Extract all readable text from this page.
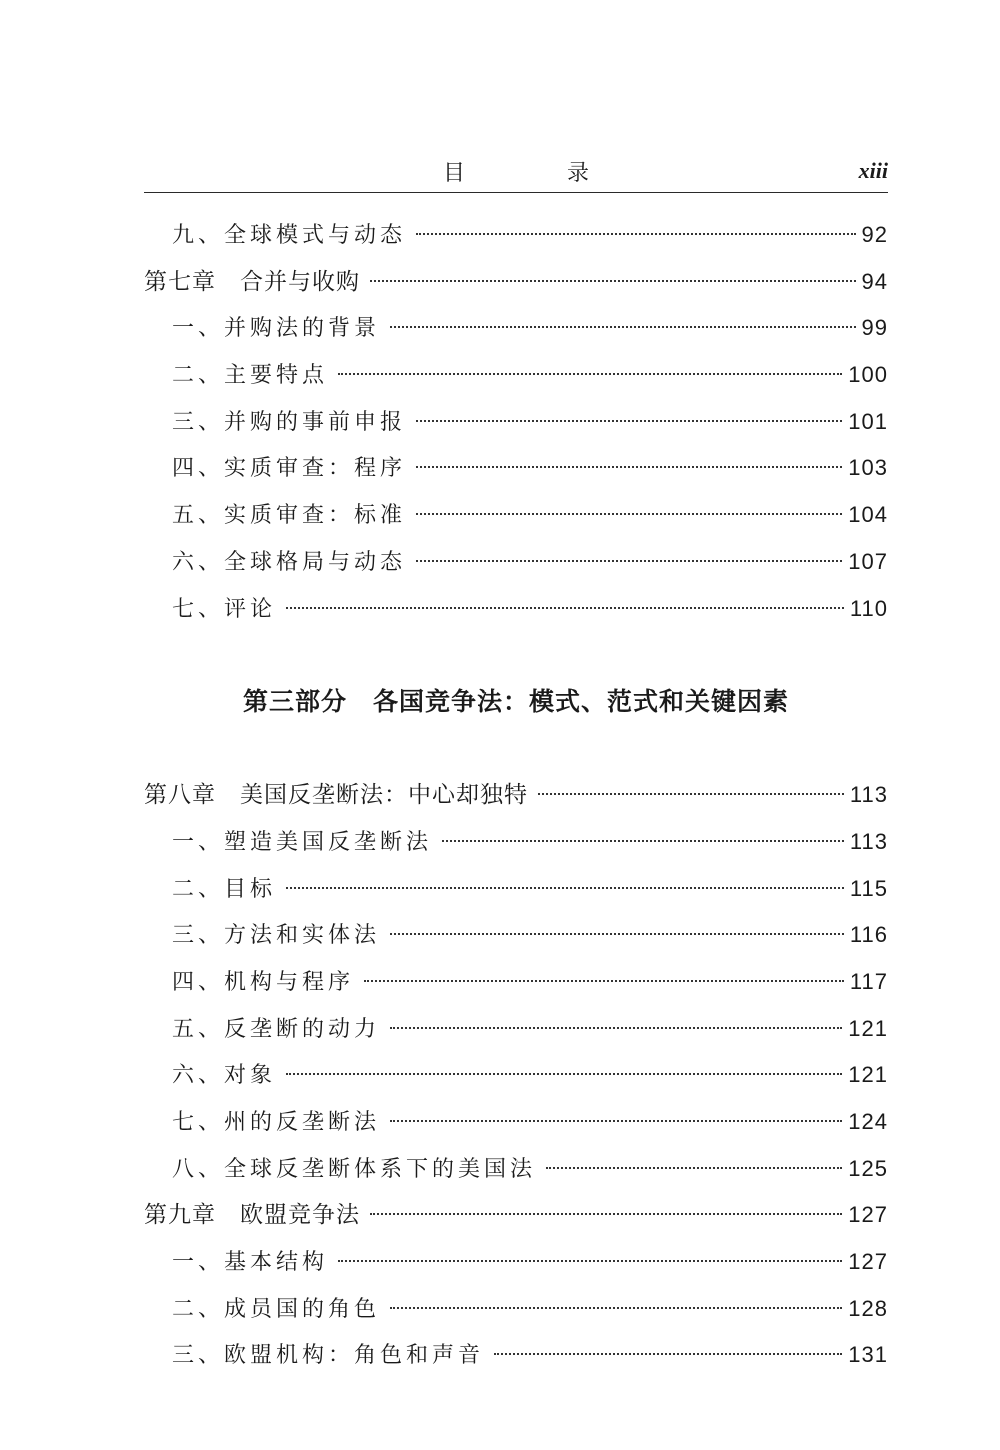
目　录	xiii
九、全球模式与动态	92
第七章　合并与收购	94
一、并购法的背景	99
二、主要特点	100
三、并购的事前申报	101
四、实质审查：程序	103
五、实质审查：标准	104
六、全球格局与动态	107
七、评论	110
第三部分　各国竞争法：模式、范式和关键因素
第八章　美国反垄断法：中心却独特	113
一、塑造美国反垄断法	113
二、目标	115
三、方法和实体法	116
四、机构与程序	117
五、反垄断的动力	121
六、对象	121
七、州的反垄断法	124
八、全球反垄断体系下的美国法	125
第九章　欧盟竞争法	127
一、基本结构	127
二、成员国的角色	128
三、欧盟机构：角色和声音	131
